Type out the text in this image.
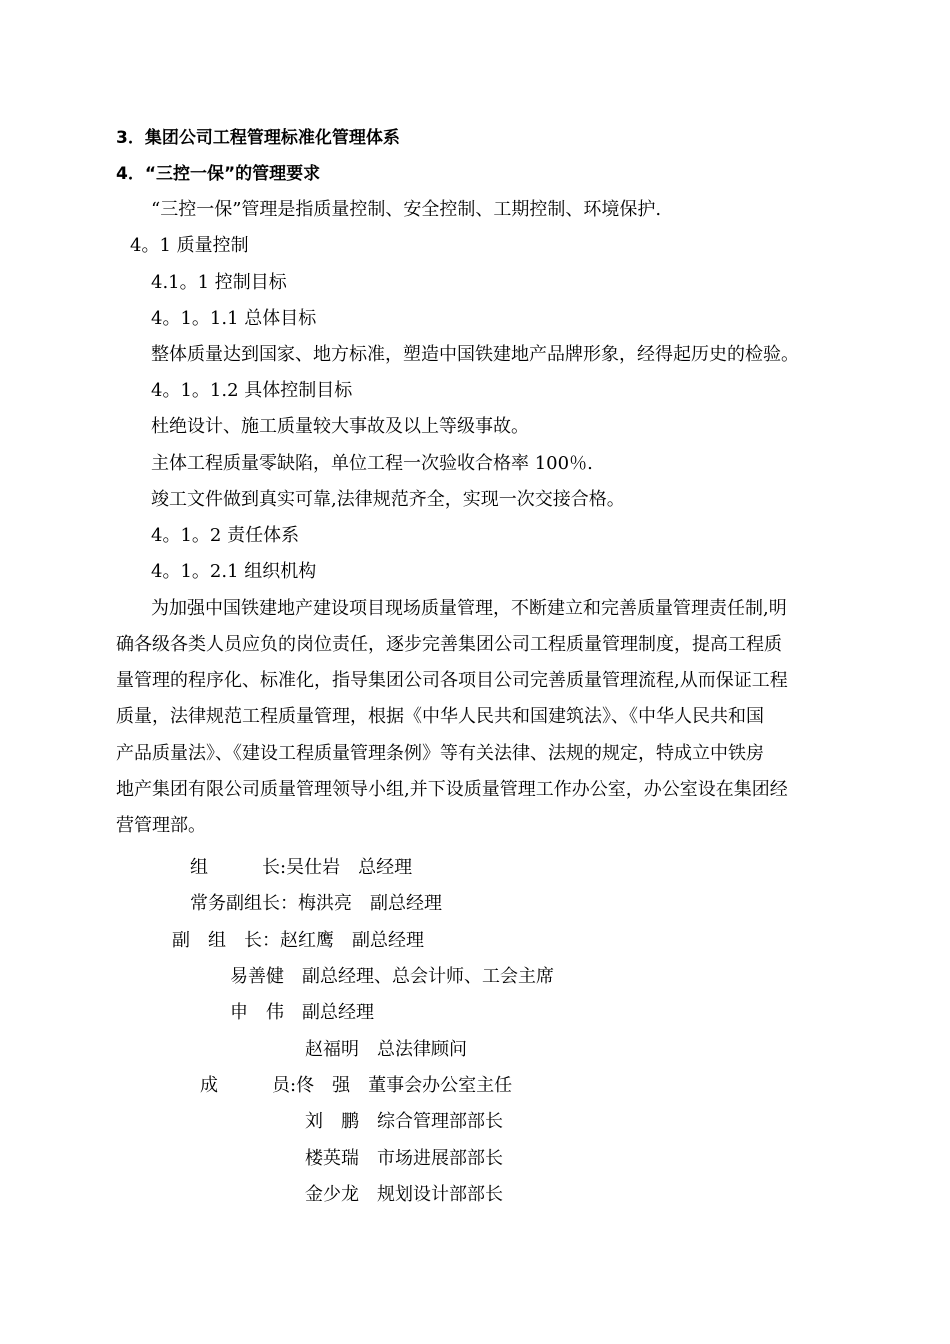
3．集团公司工程管理标准化管理体系
4．“三控一保”的管理要求
“三控一保”管理是指质量控制、安全控制、工期控制、环境保护.
4。1 质量控制
4.1。1 控制目标
4。1。1.1 总体目标
整体质量达到国家、地方标准，塑造中国铁建地产品牌形象，经得起历史的检验。
4。1。1.2 具体控制目标
杜绝设计、施工质量较大事故及以上等级事故。
主体工程质量零缺陷，单位工程一次验收合格率 100％.
竣工文件做到真实可靠,法律规范齐全，实现一次交接合格。
4。1。2 责任体系
4。1。2.1 组织机构
为加强中国铁建地产建设项目现场质量管理，不断建立和完善质量管理责任制,明
确各级各类人员应负的岗位责任，逐步完善集团公司工程质量管理制度，提高工程质
量管理的程序化、标准化，指导集团公司各项目公司完善质量管理流程,从而保证工程
质量，法律规范工程质量管理，根据《中华人民共和国建筑法》、《中华人民共和国
产品质量法》、《建设工程质量管理条例》等有关法律、法规的规定，特成立中铁房
地产集团有限公司质量管理领导小组,并下设质量管理工作办公室，办公室设在集团经
营管理部。
组　　　长:吴仕岩　总经理
常务副组长：梅洪亮　副总经理
副　组　长：赵红鹰　副总经理
易善健　副总经理、总会计师、工会主席
申　伟　副总经理
赵福明　总法律顾问
成　　　员:佟　强　董事会办公室主任
刘　鹏　综合管理部部长
楼英瑞　市场进展部部长
金少龙　规划设计部部长
